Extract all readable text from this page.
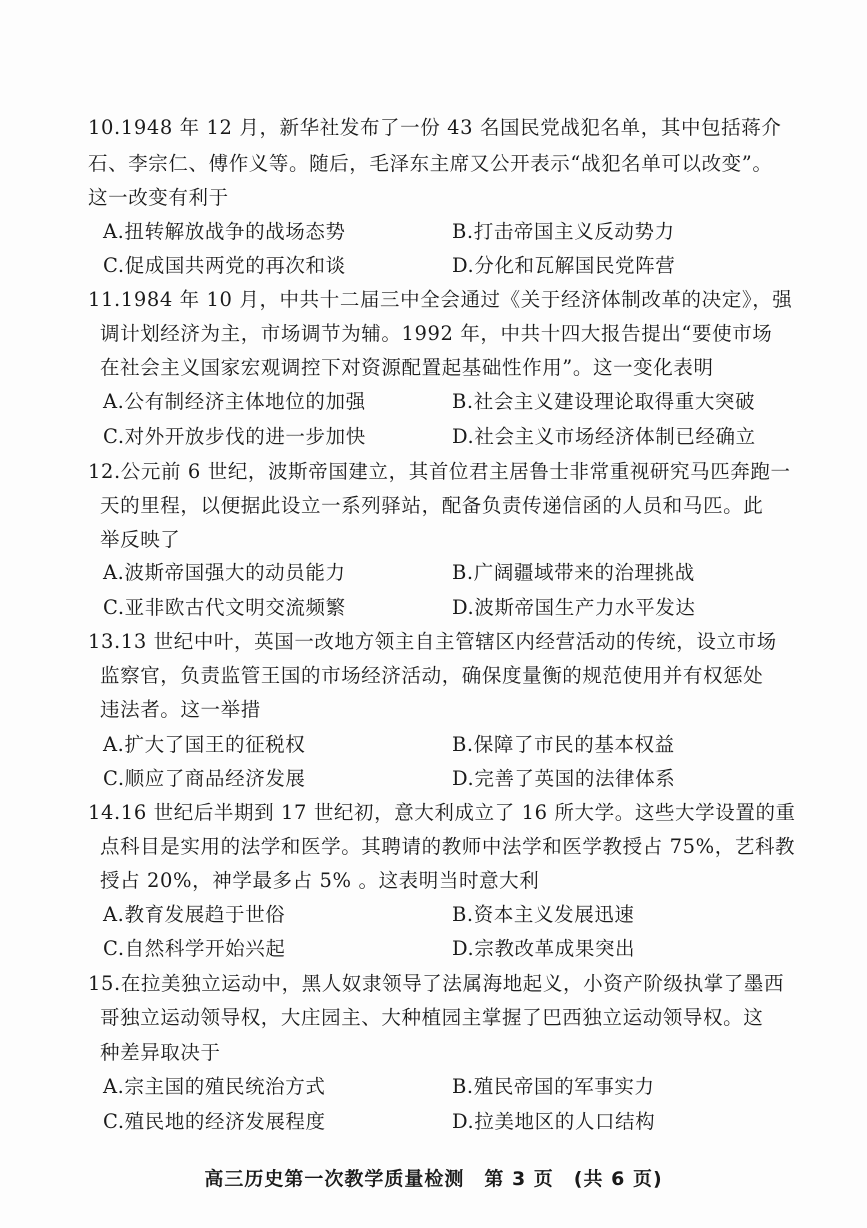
10.1948 年 12 月，新华社发布了一份 43 名国民党战犯名单，其中包括蒋介
石、李宗仁、傅作义等。随后，毛泽东主席又公开表示“战犯名单可以改变”。
这一改变有利于
A.扭转解放战争的战场态势	B.打击帝国主义反动势力
C.促成国共两党的再次和谈	D.分化和瓦解国民党阵营
11.1984 年 10 月，中共十二届三中全会通过《关于经济体制改革的决定》，强
调计划经济为主，市场调节为辅。1992 年，中共十四大报告提出“要使市场
在社会主义国家宏观调控下对资源配置起基础性作用”。这一变化表明
A.公有制经济主体地位的加强	B.社会主义建设理论取得重大突破
C.对外开放步伐的进一步加快	D.社会主义市场经济体制已经确立
12.公元前 6 世纪，波斯帝国建立，其首位君主居鲁士非常重视研究马匹奔跑一
天的里程，以便据此设立一系列驿站，配备负责传递信函的人员和马匹。此
举反映了
A.波斯帝国强大的动员能力	B.广阔疆域带来的治理挑战
C.亚非欧古代文明交流频繁	D.波斯帝国生产力水平发达
13.13 世纪中叶，英国一改地方领主自主管辖区内经营活动的传统，设立市场
监察官，负责监管王国的市场经济活动，确保度量衡的规范使用并有权惩处
违法者。这一举措
A.扩大了国王的征税权	B.保障了市民的基本权益
C.顺应了商品经济发展	D.完善了英国的法律体系
14.16 世纪后半期到 17 世纪初，意大利成立了 16 所大学。这些大学设置的重
点科目是实用的法学和医学。其聘请的教师中法学和医学教授占 75%，艺科教
授占 20%，神学最多占 5% 。这表明当时意大利
A.教育发展趋于世俗	B.资本主义发展迅速
C.自然科学开始兴起	D.宗教改革成果突出
15.在拉美独立运动中，黑人奴隶领导了法属海地起义，小资产阶级执掌了墨西
哥独立运动领导权，大庄园主、大种植园主掌握了巴西独立运动领导权。这
种差异取决于
A.宗主国的殖民统治方式	B.殖民帝国的军事实力
C.殖民地的经济发展程度	D.拉美地区的人口结构
高三历史第一次教学质量检测　第 3 页　(共 6 页)
